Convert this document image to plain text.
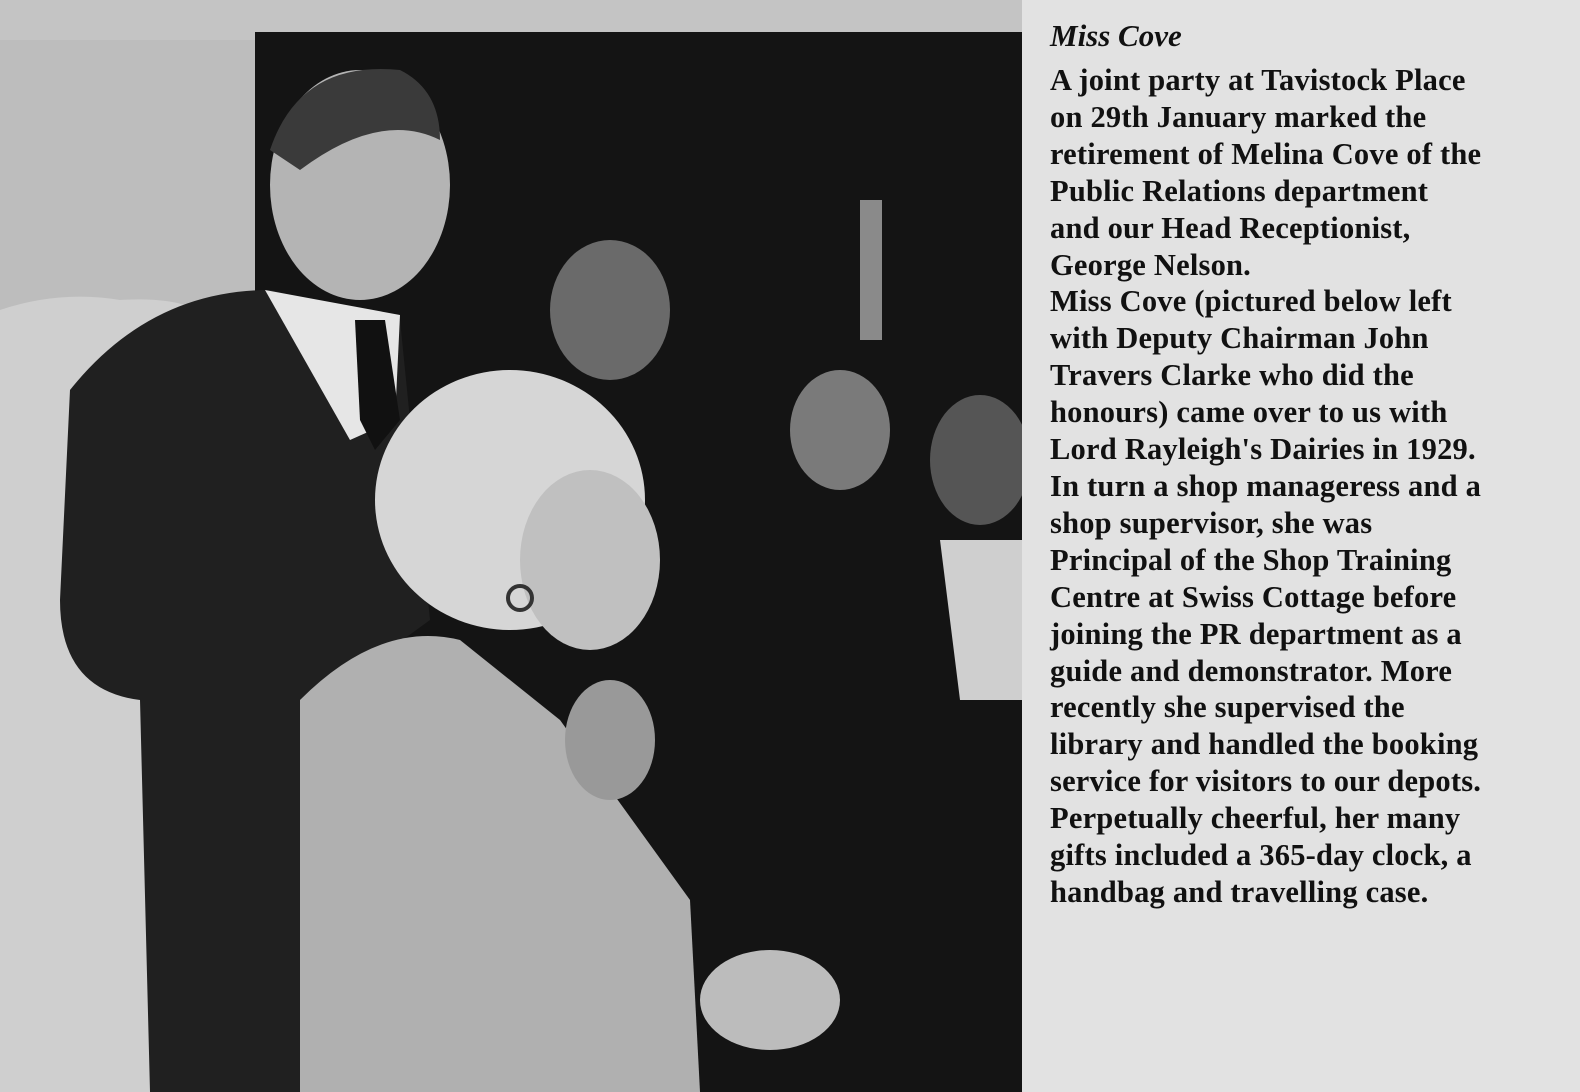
Miss Cove
A joint party at Tavistock Place
on 29th January marked the
retirement of Melina Cove of the
Public Relations department
and our Head Receptionist,
George Nelson.
Miss Cove (pictured below left
with Deputy Chairman John
Travers Clarke who did the
honours) came over to us with
Lord Rayleigh's Dairies in 1929.
In turn a shop manageress and a
shop supervisor, she was
Principal of the Shop Training
Centre at Swiss Cottage before
joining the PR department as a
guide and demonstrator. More
recently she supervised the
library and handled the booking
service for visitors to our depots.
Perpetually cheerful, her many
gifts included a 365-day clock, a
handbag and travelling case.
